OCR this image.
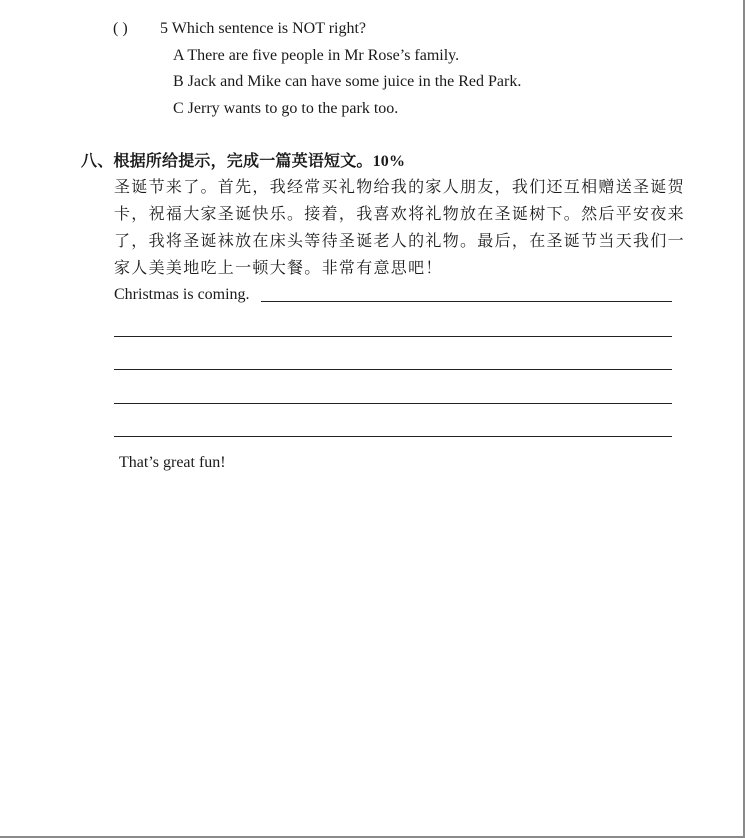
( ) 5 Which sentence is NOT right?
A There are five people in Mr Rose’s family.
B Jack and Mike can have some juice in the Red Park.
C Jerry wants to go to the park too.
八、根据所给提示，完成一篇英语短文。10%
圣诞节来了。首先，我经常买礼物给我的家人朋友，我们还互相赠送圣诞贺
卡，祝福大家圣诞快乐。接着，我喜欢将礼物放在圣诞树下。然后平安夜来
了，我将圣诞袜放在床头等待圣诞老人的礼物。最后，在圣诞节当天我们一
家人美美地吃上一顿大餐。非常有意思吧！
Christmas is coming.
That’s great fun!
